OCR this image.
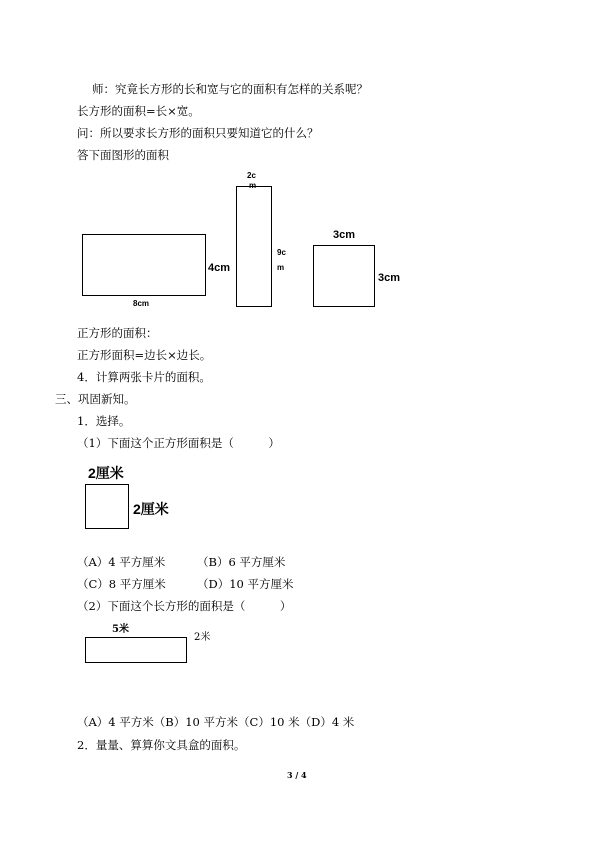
师：究竟长方形的长和宽与它的面积有怎样的关系呢？
长方形的面积=长×宽。
问：所以要求长方形的面积只要知道它的什么？
答下面图形的面积
4cm
8cm
2c
m
9c
m
3cm
3cm
正方形的面积：
正方形面积=边长×边长。
4．计算两张卡片的面积。
三、巩固新知。
1．选择。
（1）下面这个正方形面积是（　　　）
2厘米
2厘米
（A）4 平方厘米	（B）6 平方厘米
（C）8 平方厘米	（D）10 平方厘米
（2）下面这个长方形的面积是（　　　）
5米
2米
（A）4 平方米（B）10 平方米（C）10 米（D）4 米
2．量量、算算你文具盒的面积。
3 / 4
